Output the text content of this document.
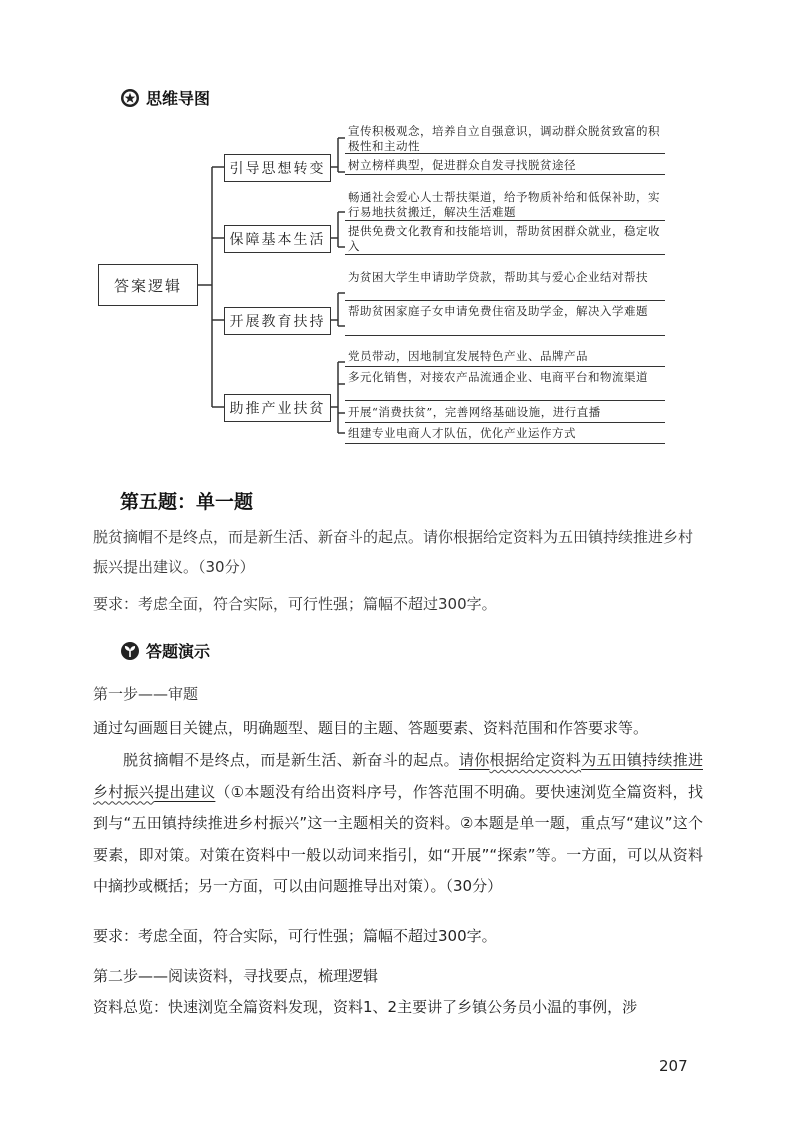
思维导图
答案逻辑
引导思想转变
保障基本生活
开展教育扶持
助推产业扶贫
宣传积极观念，培养自立自强意识，调动群众脱贫致富的积极性和主动性
树立榜样典型，促进群众自发寻找脱贫途径
畅通社会爱心人士帮扶渠道，给予物质补给和低保补助，实行易地扶贫搬迁，解决生活难题
提供免费文化教育和技能培训，帮助贫困群众就业，稳定收入
为贫困大学生申请助学贷款，帮助其与爱心企业结对帮扶
帮助贫困家庭子女申请免费住宿及助学金，解决入学难题
党员带动，因地制宜发展特色产业、品牌产品
多元化销售，对接农产品流通企业、电商平台和物流渠道
开展“消费扶贫”，完善网络基础设施，进行直播
组建专业电商人才队伍，优化产业运作方式
第五题：单一题
脱贫摘帽不是终点，而是新生活、新奋斗的起点。请你根据给定资料为五田镇持续推进乡村振兴提出建议。（30分）
要求：考虑全面，符合实际，可行性强；篇幅不超过300字。
答题演示
第一步——审题
通过勾画题目关键点，明确题型、题目的主题、答题要素、资料范围和作答要求等。
脱贫摘帽不是终点，而是新生活、新奋斗的起点。请你根据给定资料为五田镇持续推进乡村振兴提出建议（①本题没有给出资料序号，作答范围不明确。要快速浏览全篇资料，找到与“五田镇持续推进乡村振兴”这一主题相关的资料。②本题是单一题，重点写“建议”这个要素，即对策。对策在资料中一般以动词来指引，如“开展”“探索”等。一方面，可以从资料中摘抄或概括；另一方面，可以由问题推导出对策）。（30分）
要求：考虑全面，符合实际，可行性强；篇幅不超过300字。
第二步——阅读资料，寻找要点，梳理逻辑
资料总览：快速浏览全篇资料发现，资料1、2主要讲了乡镇公务员小温的事例，涉
207
